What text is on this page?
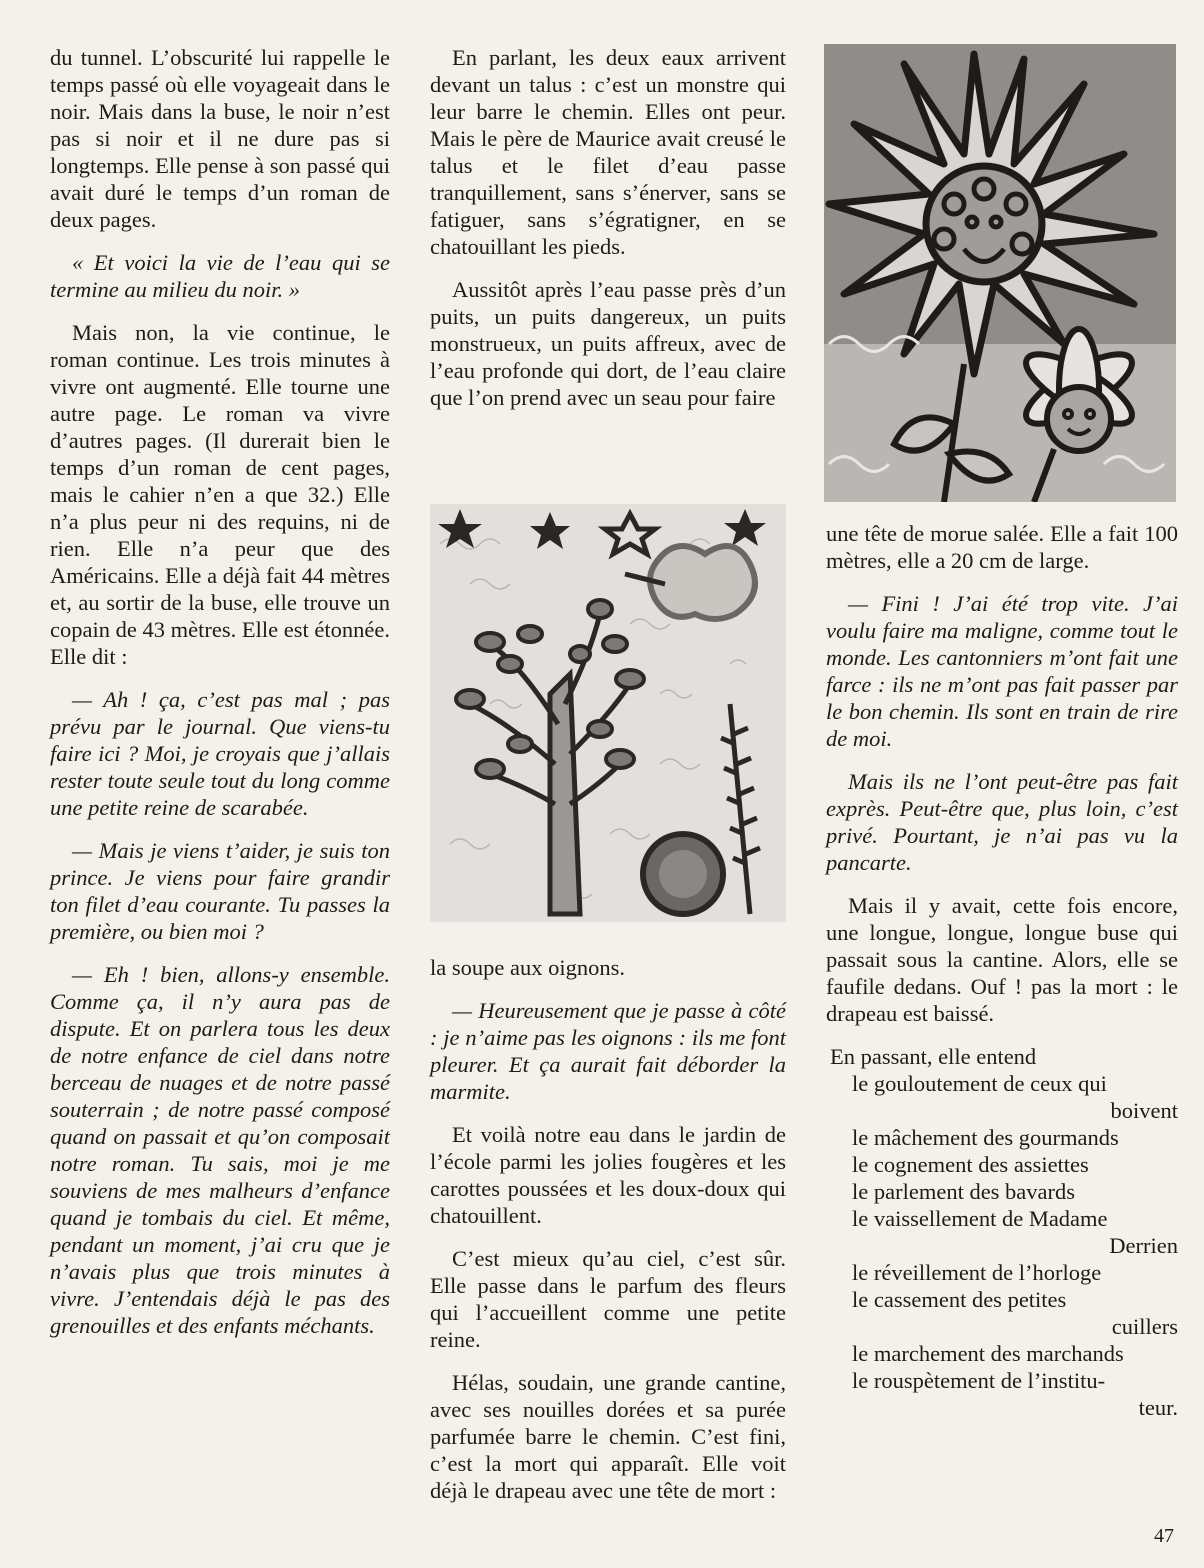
du tunnel. L’obscurité lui rappelle le temps passé où elle voyageait dans le noir. Mais dans la buse, le noir n’est pas si noir et il ne dure pas si longtemps. Elle pense à son passé qui avait duré le temps d’un roman de deux pages.

« Et voici la vie de l’eau qui se termine au milieu du noir. »

Mais non, la vie continue, le roman continue. Les trois minutes à vivre ont augmenté. Elle tourne une autre page. Le roman va vivre d’autres pages. (Il durerait bien le temps d’un roman de cent pages, mais le cahier n’en a que 32.) Elle n’a plus peur ni des requins, ni de rien. Elle n’a peur que des Américains. Elle a déjà fait 44 mètres et, au sortir de la buse, elle trouve un copain de 43 mètres. Elle est étonnée. Elle dit :

— Ah ! ça, c’est pas mal ; pas prévu par le journal. Que viens-tu faire ici ? Moi, je croyais que j’allais rester toute seule tout du long comme une petite reine de scarabée.

— Mais je viens t’aider, je suis ton prince. Je viens pour faire grandir ton filet d’eau courante. Tu passes la première, ou bien moi ?

— Eh ! bien, allons-y ensemble. Comme ça, il n’y aura pas de dispute. Et on parlera tous les deux de notre enfance de ciel dans notre berceau de nuages et de notre passé souterrain ; de notre passé composé quand on passait et qu’on composait notre roman. Tu sais, moi je me souviens de mes malheurs d’enfance quand je tombais du ciel. Et même, pendant un moment, j’ai cru que je n’avais plus que trois minutes à vivre. J’entendais déjà le pas des grenouilles et des enfants méchants.

En parlant, les deux eaux arrivent devant un talus : c’est un monstre qui leur barre le chemin. Elles ont peur. Mais le père de Maurice avait creusé le talus et le filet d’eau passe tranquillement, sans s’énerver, sans se fatiguer, sans s’égratigner, en se chatouillant les pieds.

Aussitôt après l’eau passe près d’un puits, un puits dangereux, un puits monstrueux, un puits affreux, avec de l’eau profonde qui dort, de l’eau claire que l’on prend avec un seau pour faire

la soupe aux oignons.

— Heureusement que je passe à côté : je n’aime pas les oignons : ils me font pleurer. Et ça aurait fait déborder la marmite.

Et voilà notre eau dans le jardin de l’école parmi les jolies fougères et les carottes poussées et les doux-doux qui chatouillent.

C’est mieux qu’au ciel, c’est sûr. Elle passe dans le parfum des fleurs qui l’accueillent comme une petite reine.

Hélas, soudain, une grande cantine, avec ses nouilles dorées et sa purée parfumée barre le chemin. C’est fini, c’est la mort qui apparaît. Elle voit déjà le drapeau avec une tête de mort :

une tête de morue salée. Elle a fait 100 mètres, elle a 20 cm de large.

— Fini ! J’ai été trop vite. J’ai voulu faire ma maligne, comme tout le monde. Les cantonniers m’ont fait une farce : ils ne m’ont pas fait passer par le bon chemin. Ils sont en train de rire de moi.

Mais ils ne l’ont peut-être pas fait exprès. Peut-être que, plus loin, c’est privé. Pourtant, je n’ai pas vu la pancarte.

Mais il y avait, cette fois encore, une longue, longue, longue buse qui passait sous la cantine. Alors, elle se faufile dedans. Ouf ! pas la mort : le drapeau est baissé.

En passant, elle entend
le gouloutement de ceux qui
boivent
le mâchement des gourmands
le cognement des assiettes
le parlement des bavards
le vaissellement de Madame
Derrien
le réveillement de l’horloge
le cassement des petites
cuillers
le marchement des marchands
le rouspètement de l’institu-
teur.
47
